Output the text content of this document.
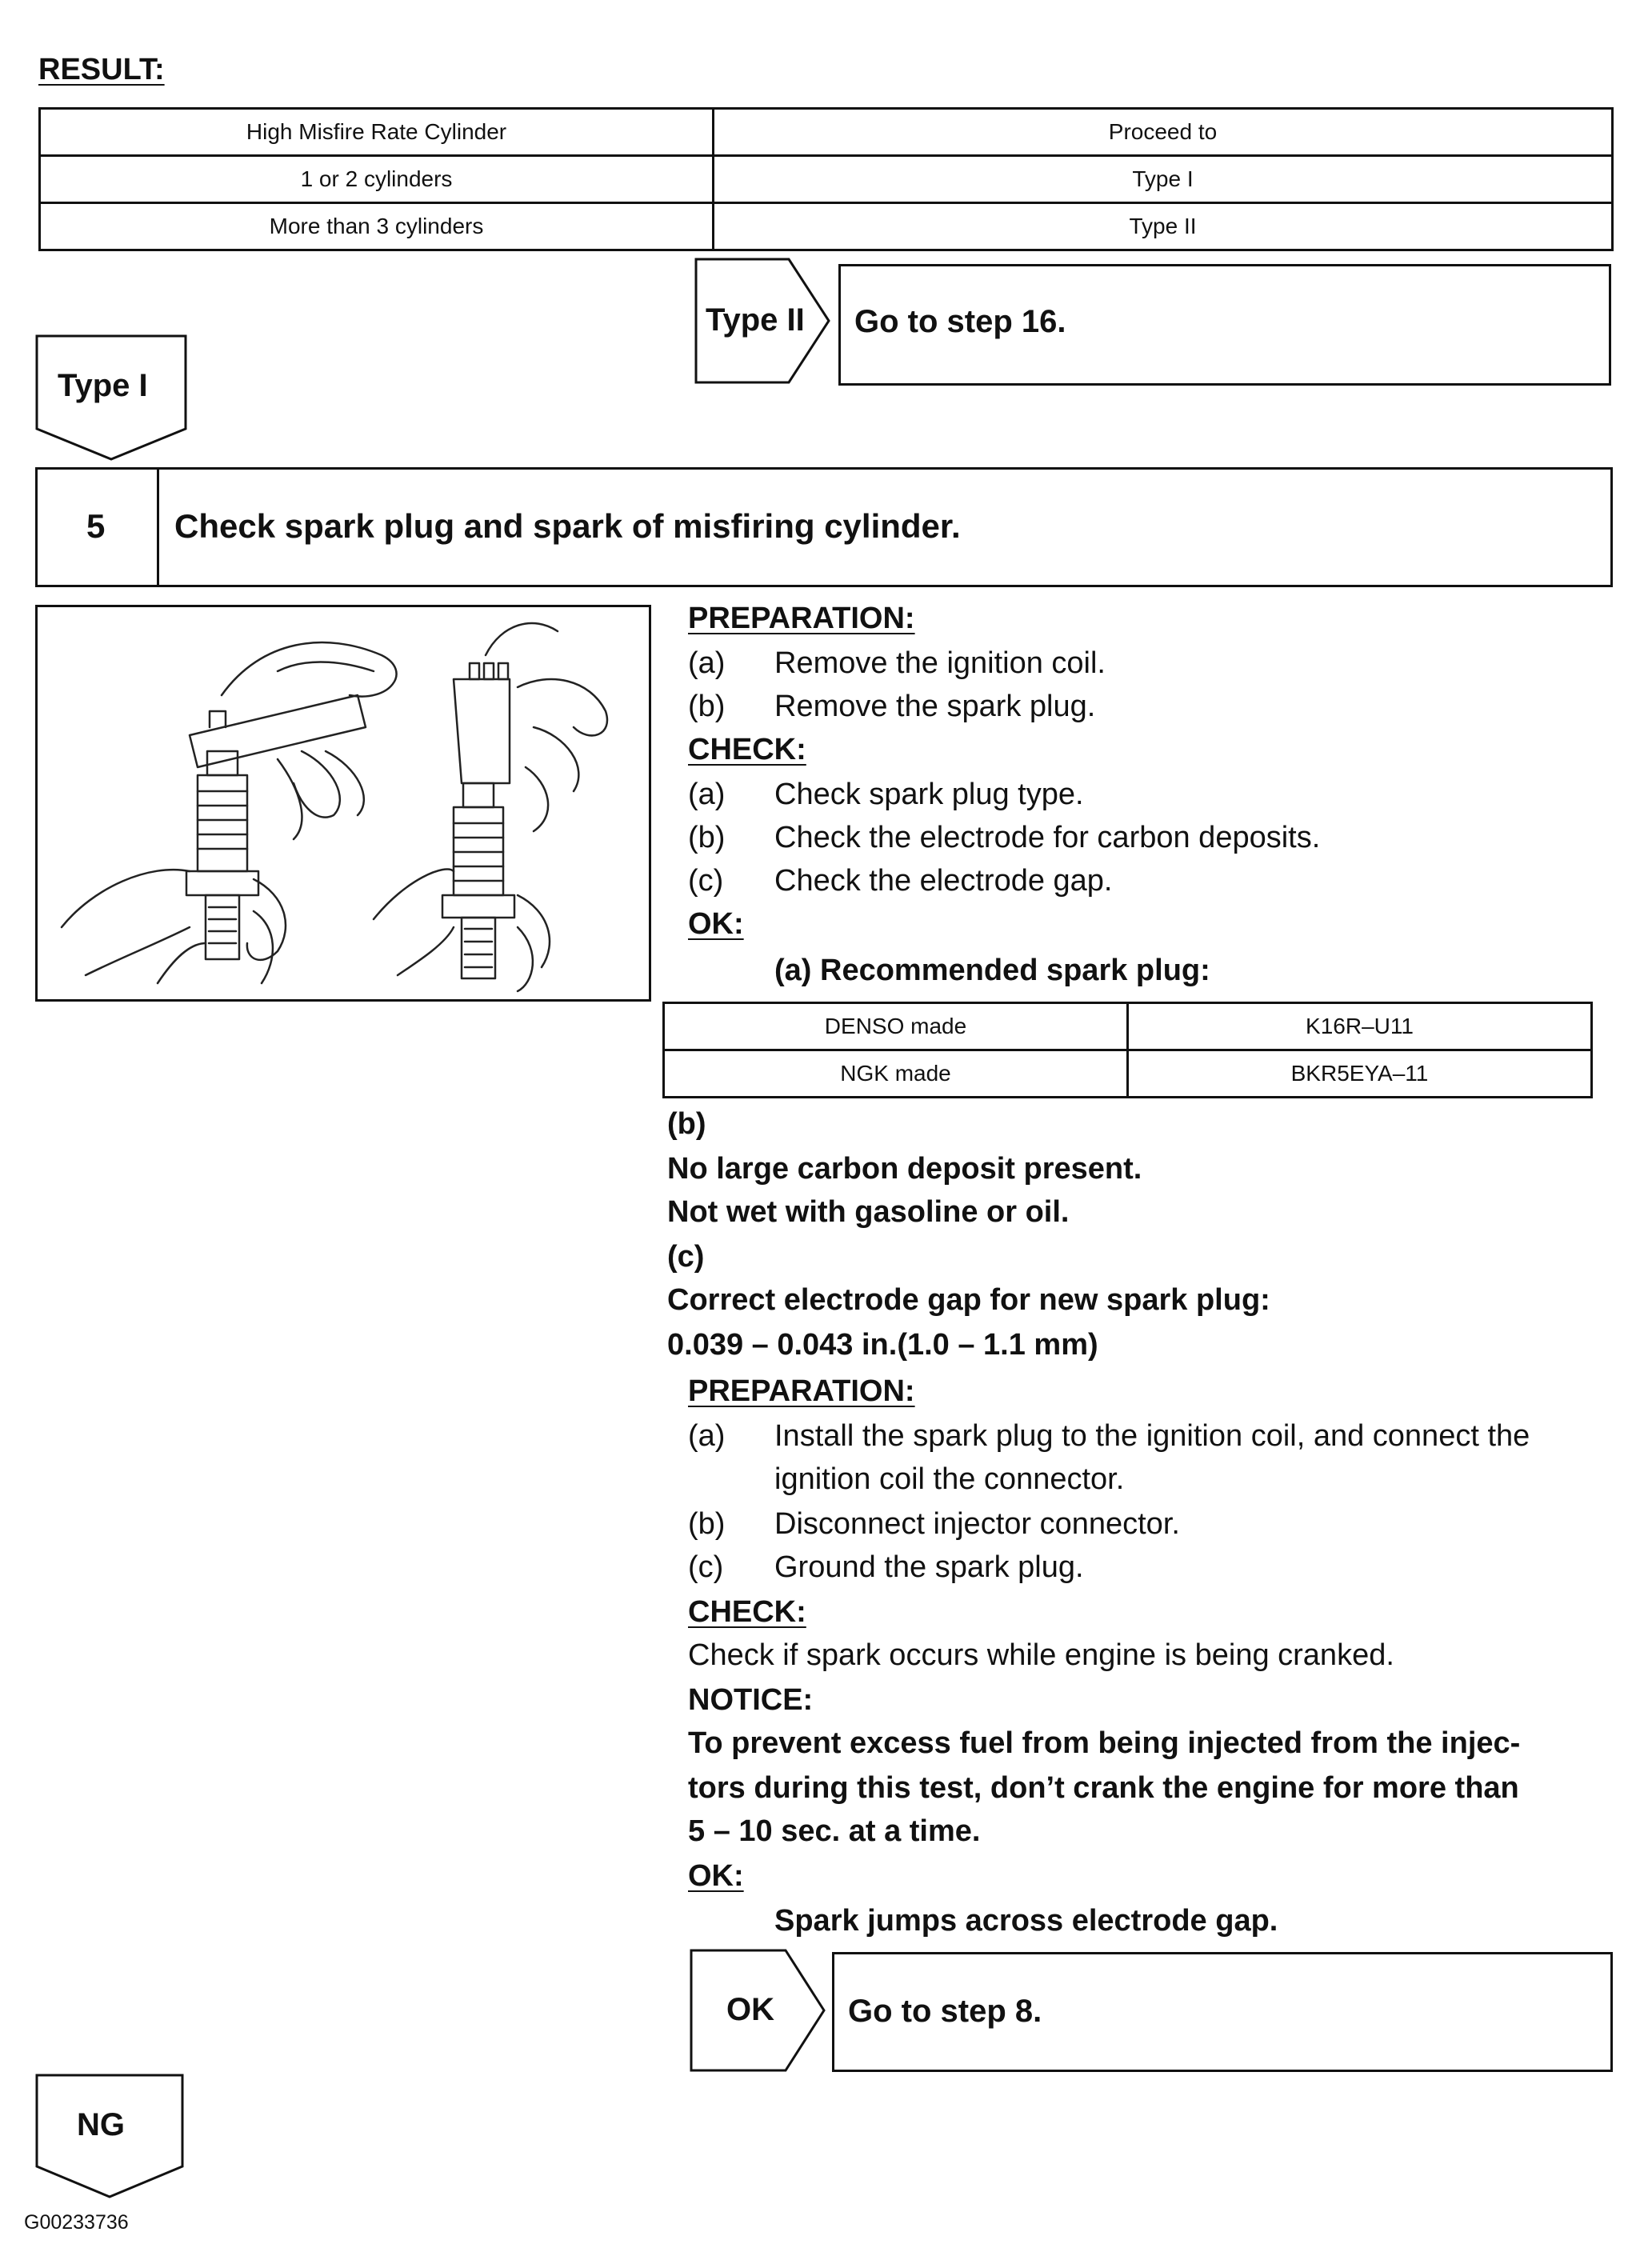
RESULT:
High Misfire Rate Cylinder	Proceed to
1 or 2 cylinders	Type I
More than 3 cylinders	Type II
Type II Go to step 16.
Type I
5 Check spark plug and spark of misfiring cylinder.
PREPARATION:
(a) Remove the ignition coil.
(b) Remove the spark plug.
CHECK:
(a) Check spark plug type.
(b) Check the electrode for carbon deposits.
(c) Check the electrode gap.
OK:
(a) Recommended spark plug:
DENSO made	K16R–U11
NGK made	BKR5EYA–11
(b)
No large carbon deposit present.
Not wet with gasoline or oil.
(c)
Correct electrode gap for new spark plug:
0.039 – 0.043 in.(1.0 – 1.1 mm)
PREPARATION:
(a) Install the spark plug to the ignition coil, and connect the
ignition coil the connector.
(b) Disconnect injector connector.
(c) Ground the spark plug.
CHECK:
Check if spark occurs while engine is being cranked.
NOTICE:
To prevent excess fuel from being injected from the injec-
tors during this test, don’t crank the engine for more than
5 – 10 sec. at a time.
OK:
Spark jumps across electrode gap.
OK Go to step 8.
NG
G00233736
